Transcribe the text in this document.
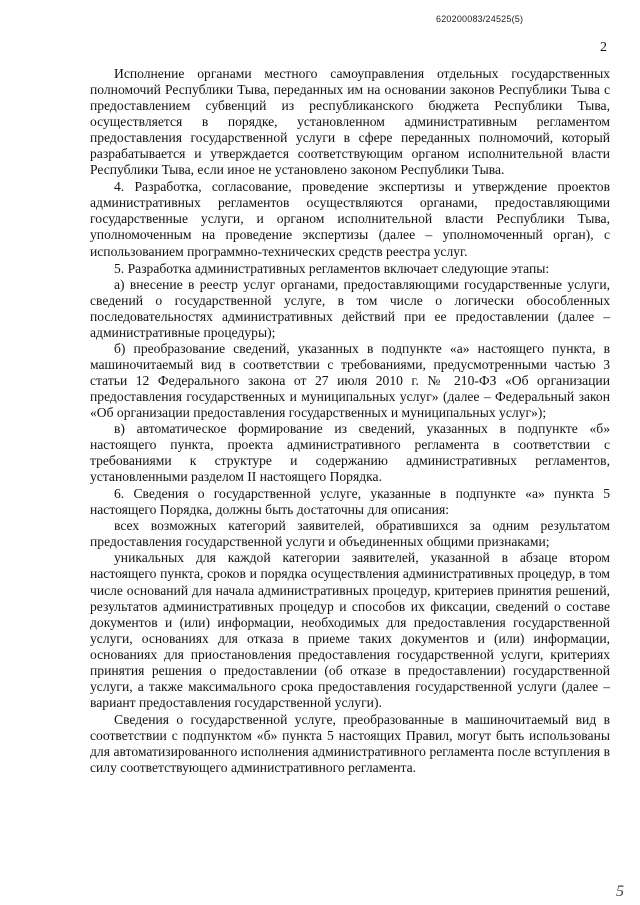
620200083/24525(5)
2

Исполнение органами местного самоуправления отдельных государственных полномочий Республики Тыва, переданных им на основании законов Республики Тыва с предоставлением субвенций из республиканского бюджета Республики Тыва, осуществляется в порядке, установленном административным регламентом предоставления государственной услуги в сфере переданных полномочий, который разрабатывается и утверждается соответствующим органом исполнительной власти Республики Тыва, если иное не установлено законом Республики Тыва.

4. Разработка, согласование, проведение экспертизы и утверждение проектов административных регламентов осуществляются органами, предоставляющими государственные услуги, и органом исполнительной власти Республики Тыва, уполномоченным на проведение экспертизы (далее – уполномоченный орган), с использованием программно-технических средств реестра услуг.

5. Разработка административных регламентов включает следующие этапы:

а) внесение в реестр услуг органами, предоставляющими государственные услуги, сведений о государственной услуге, в том числе о логически обособленных последовательностях административных действий при ее предоставлении (далее – административные процедуры);

б) преобразование сведений, указанных в подпункте «а» настоящего пункта, в машиночитаемый вид в соответствии с требованиями, предусмотренными частью 3 статьи 12 Федерального закона от 27 июля 2010 г. № 210-ФЗ «Об организации предоставления государственных и муниципальных услуг» (далее – Федеральный закон «Об организации предоставления государственных и муниципальных услуг»);

в) автоматическое формирование из сведений, указанных в подпункте «б» настоящего пункта, проекта административного регламента в соответствии с требованиями к структуре и содержанию административных регламентов, установленными разделом II настоящего Порядка.

6. Сведения о государственной услуге, указанные в подпункте «а» пункта 5 настоящего Порядка, должны быть достаточны для описания:

всех возможных категорий заявителей, обратившихся за одним результатом предоставления государственной услуги и объединенных общими признаками;

уникальных для каждой категории заявителей, указанной в абзаце втором настоящего пункта, сроков и порядка осуществления административных процедур, в том числе оснований для начала административных процедур, критериев принятия решений, результатов административных процедур и способов их фиксации, сведений о составе документов и (или) информации, необходимых для предоставления государственной услуги, основаниях для отказа в приеме таких документов и (или) информации, основаниях для приостановления предоставления государственной услуги, критериях принятия решения о предоставлении (об отказе в предоставлении) государственной услуги, а также максимального срока предоставления государственной услуги (далее – вариант предоставления государственной услуги).

Сведения о государственной услуге, преобразованные в машиночитаемый вид в соответствии с подпунктом «б» пункта 5 настоящих Правил, могут быть использованы для автоматизированного исполнения административного регламента после вступления в силу соответствующего административного регламента.

5
